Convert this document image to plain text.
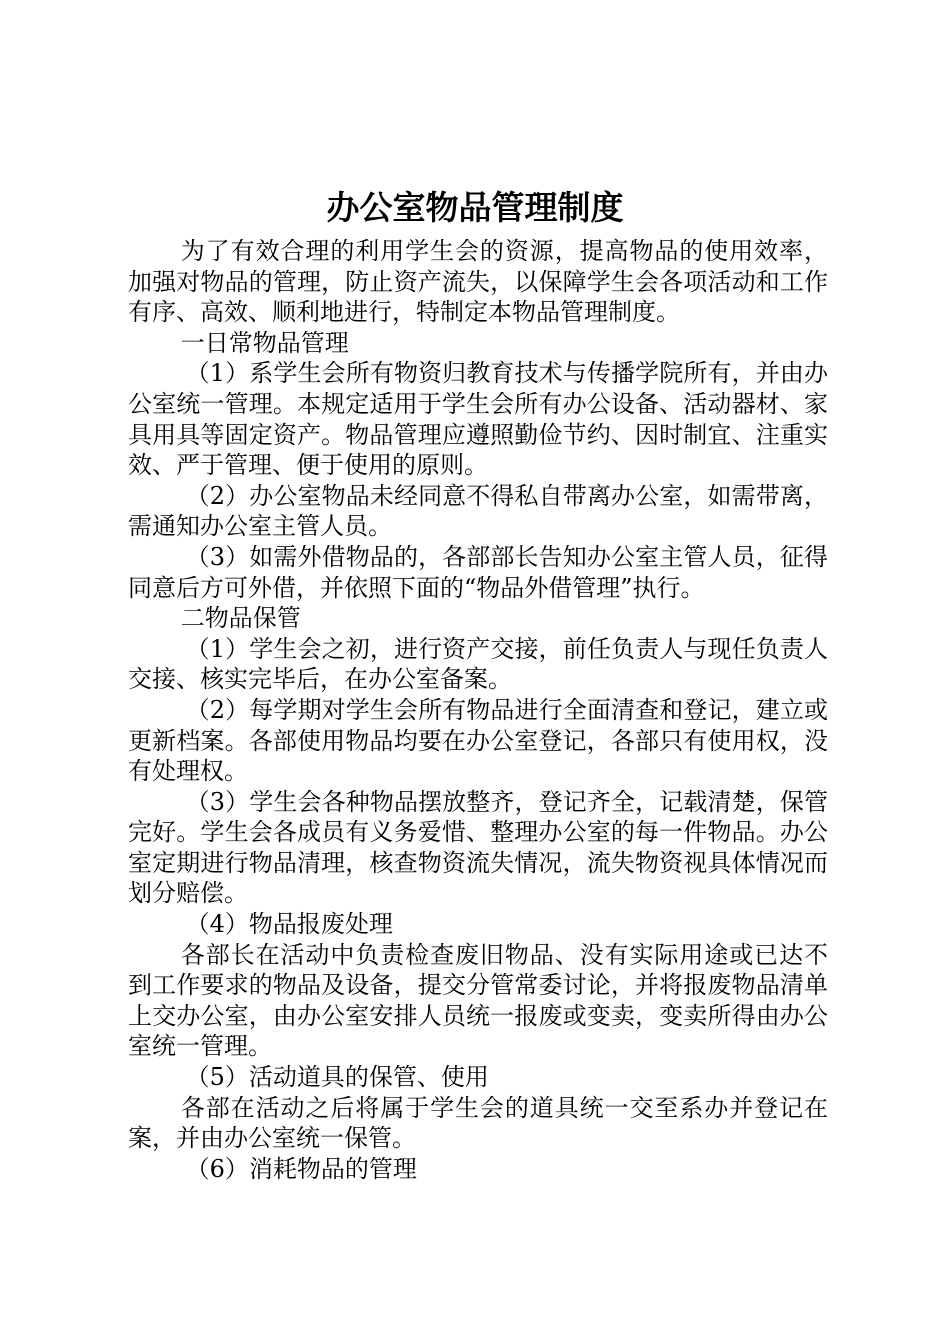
办公室物品管理制度

为了有效合理的利用学生会的资源，提高物品的使用效率，加强对物品的管理，防止资产流失，以保障学生会各项活动和工作有序、高效、顺利地进行，特制定本物品管理制度。

一日常物品管理

（1）系学生会所有物资归教育技术与传播学院所有，并由办公室统一管理。本规定适用于学生会所有办公设备、活动器材、家具用具等固定资产。物品管理应遵照勤俭节约、因时制宜、注重实效、严于管理、便于使用的原则。

（2）办公室物品未经同意不得私自带离办公室，如需带离，需通知办公室主管人员。

（3）如需外借物品的，各部部长告知办公室主管人员，征得同意后方可外借，并依照下面的“物品外借管理”执行。

二物品保管

（1）学生会之初，进行资产交接，前任负责人与现任负责人交接、核实完毕后，在办公室备案。

（2）每学期对学生会所有物品进行全面清查和登记，建立或更新档案。各部使用物品均要在办公室登记，各部只有使用权，没有处理权。

（3）学生会各种物品摆放整齐，登记齐全，记载清楚，保管完好。学生会各成员有义务爱惜、整理办公室的每一件物品。办公室定期进行物品清理，核查物资流失情况，流失物资视具体情况而划分赔偿。

（4）物品报废处理

各部长在活动中负责检查废旧物品、没有实际用途或已达不到工作要求的物品及设备，提交分管常委讨论，并将报废物品清单上交办公室，由办公室安排人员统一报废或变卖，变卖所得由办公室统一管理。

（5）活动道具的保管、使用

各部在活动之后将属于学生会的道具统一交至系办并登记在案，并由办公室统一保管。

（6）消耗物品的管理
